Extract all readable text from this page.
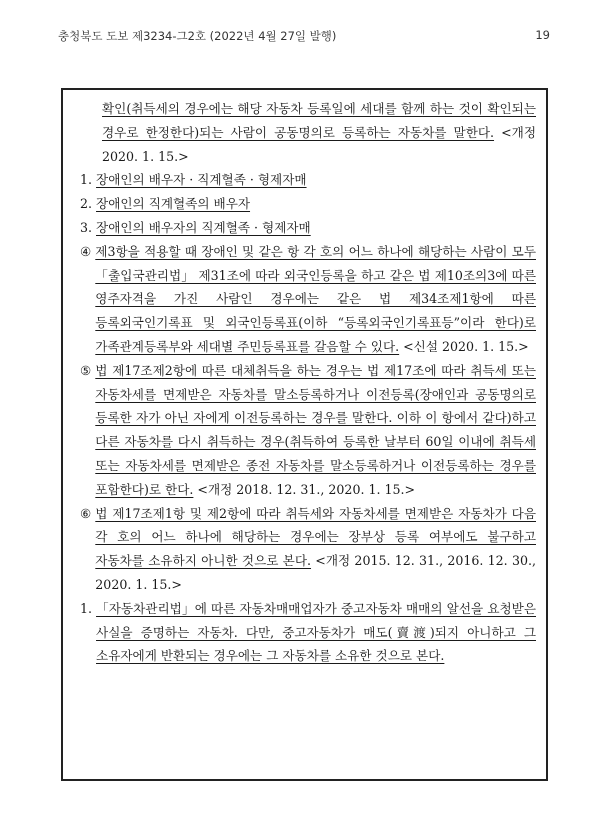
충청북도 도보 제3234-그2호 (2022년 4월 27일 발행)	19
확인(취득세의 경우에는 해당 자동차 등록일에 세대를 함께 하는 것이 확인되는 경우로 한정한다)되는 사람이 공동명의로 등록하는 자동차를 말한다. <개정 2020. 1. 15.>
1. 장애인의 배우자 · 직계혈족 · 형제자매
2. 장애인의 직계혈족의 배우자
3. 장애인의 배우자의 직계혈족 · 형제자매
④ 제3항을 적용할 때 장애인 및 같은 항 각 호의 어느 하나에 해당하는 사람이 모두 「출입국관리법」 제31조에 따라 외국인등록을 하고 같은 법 제10조의3에 따른 영주자격을 가진 사람인 경우에는 같은 법 제34조제1항에 따른 등록외국인기록표 및 외국인등록표(이하 “등록외국인기록표등”이라 한다)로 가족관계등록부와 세대별 주민등록표를 갈음할 수 있다. <신설 2020. 1. 15.>
⑤ 법 제17조제2항에 따른 대체취득을 하는 경우는 법 제17조에 따라 취득세 또는 자동차세를 면제받은 자동차를 말소등록하거나 이전등록(장애인과 공동명의로 등록한 자가 아닌 자에게 이전등록하는 경우를 말한다. 이하 이 항에서 같다)하고 다른 자동차를 다시 취득하는 경우(취득하여 등록한 날부터 60일 이내에 취득세 또는 자동차세를 면제받은 종전 자동차를 말소등록하거나 이전등록하는 경우를 포함한다)로 한다. <개정 2018. 12. 31., 2020. 1. 15.>
⑥ 법 제17조제1항 및 제2항에 따라 취득세와 자동차세를 면제받은 자동차가 다음 각 호의 어느 하나에 해당하는 경우에는 장부상 등록 여부에도 불구하고 자동차를 소유하지 아니한 것으로 본다. <개정 2015. 12. 31., 2016. 12. 30., 2020. 1. 15.>
1. 「자동차관리법」에 따른 자동차매매업자가 중고자동차 매매의 알선을 요청받은 사실을 증명하는 자동차. 다만, 중고자동차가 매도(賣渡)되지 아니하고 그 소유자에게 반환되는 경우에는 그 자동차를 소유한 것으로 본다.
